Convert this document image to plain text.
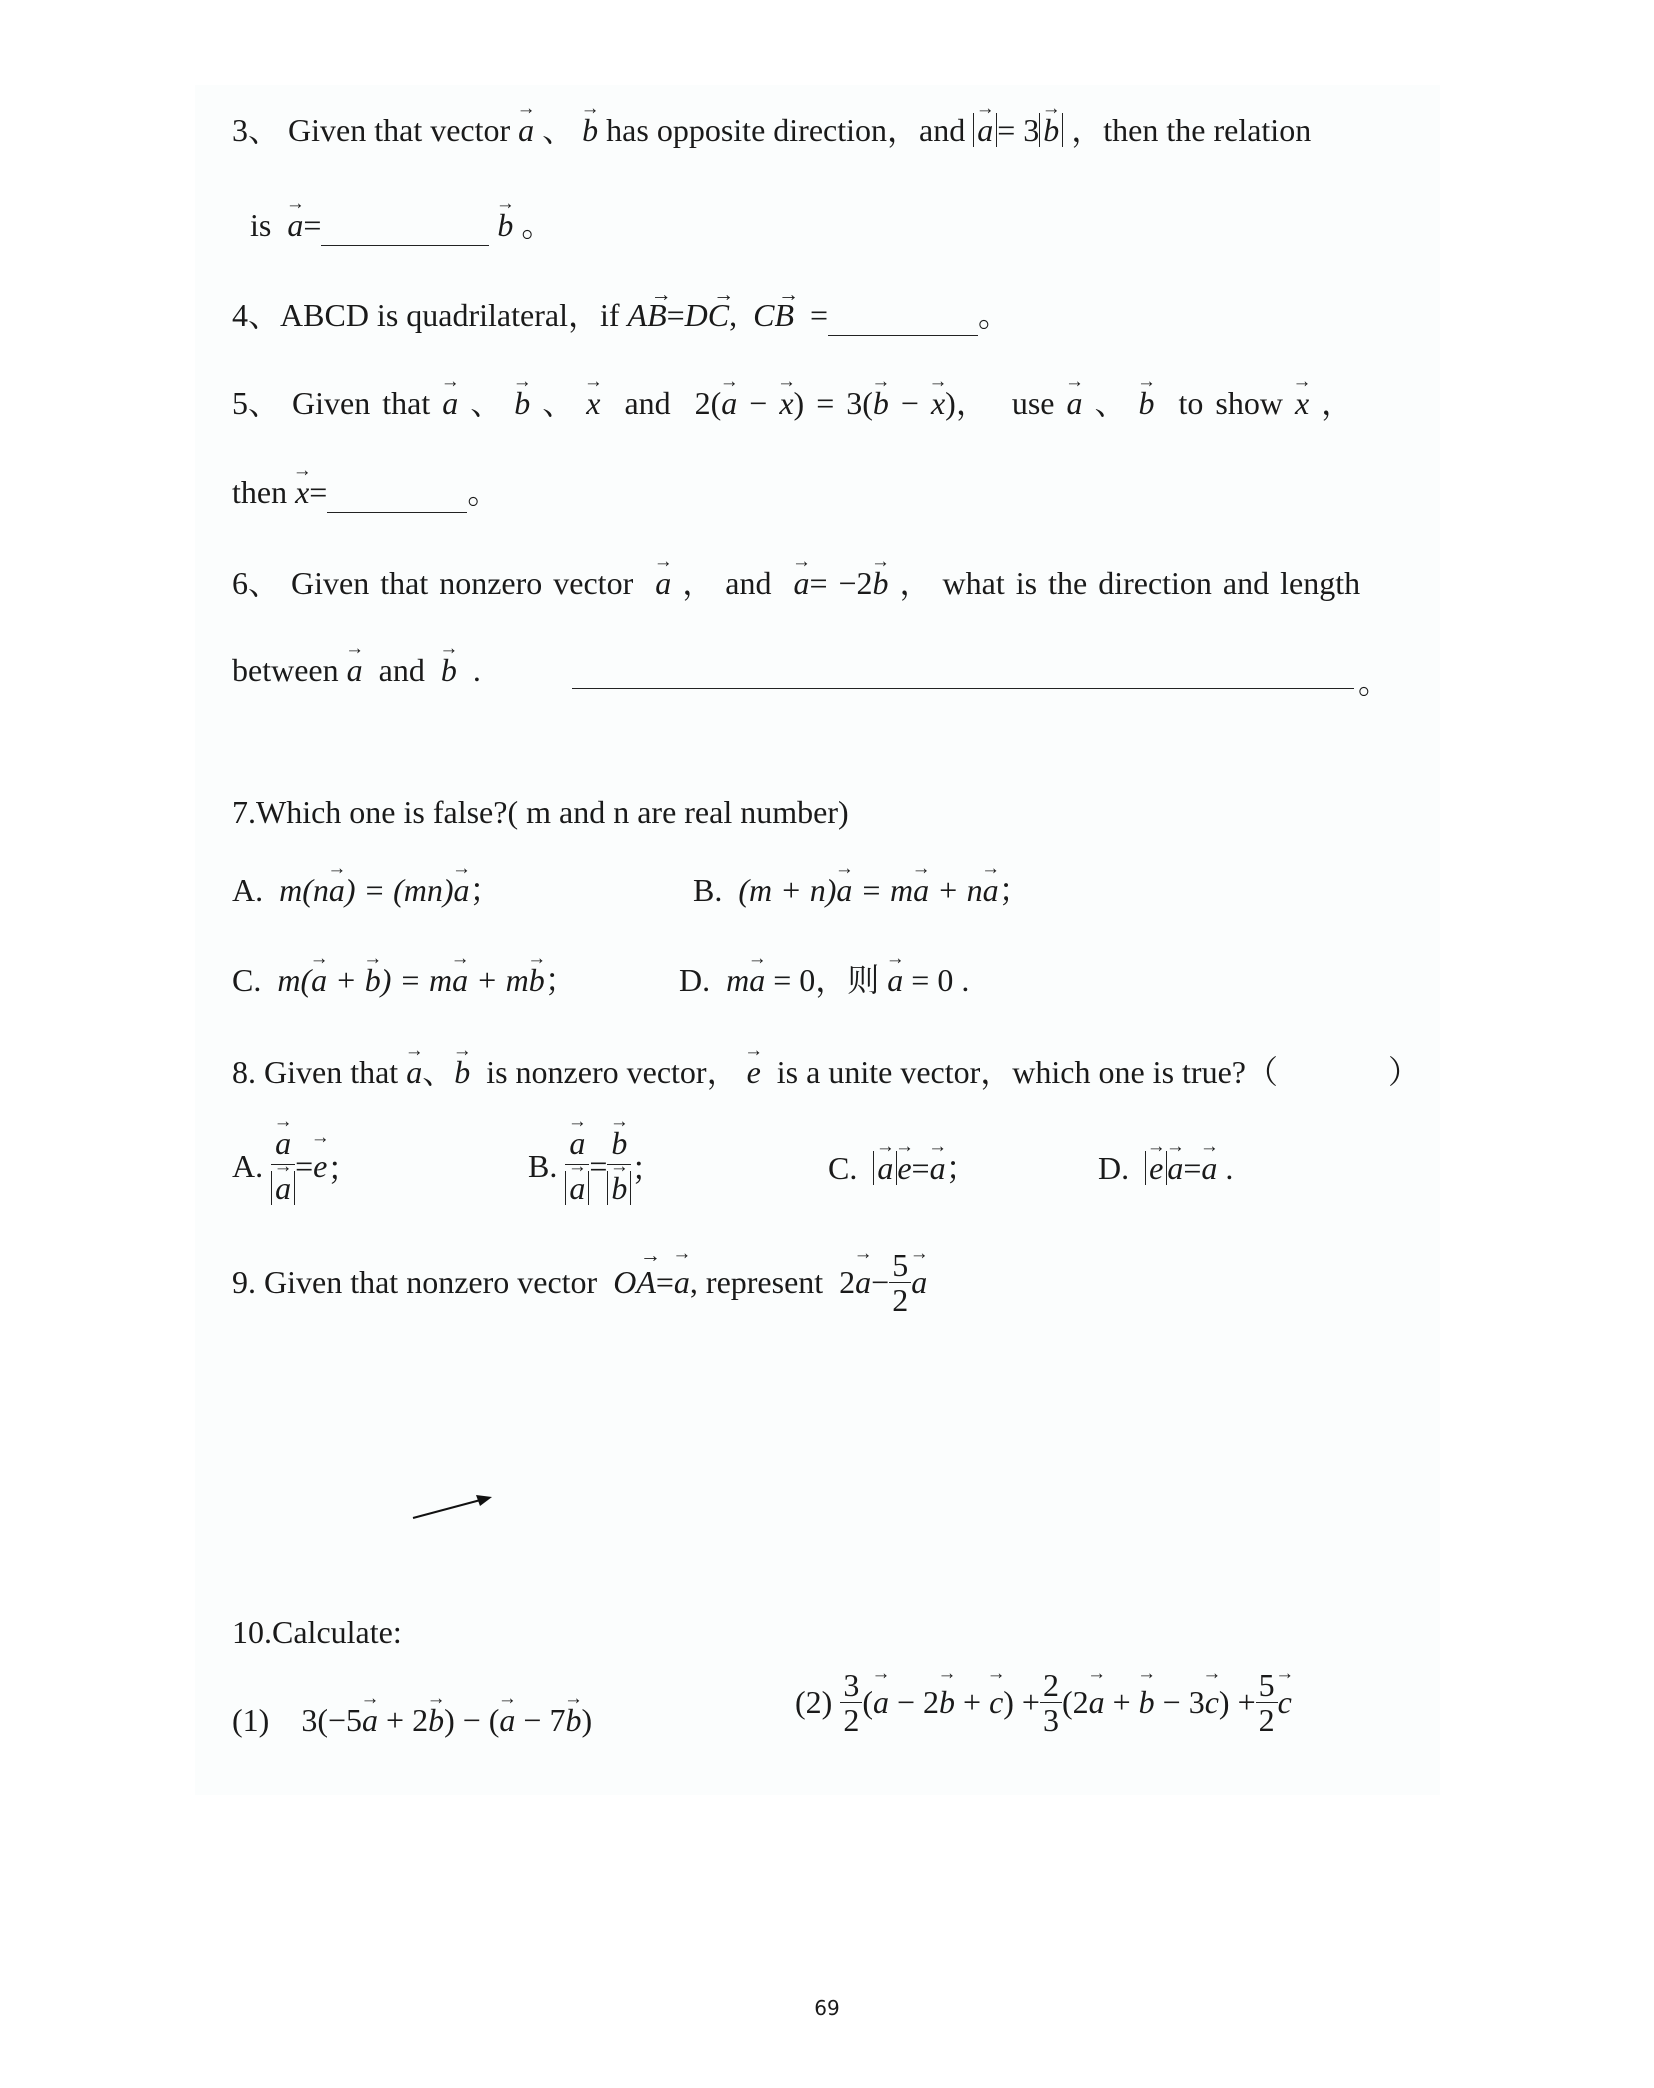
3、 Given that vector → a 、 → b has opposite direction，and → a = 3→ b ，then the relation
is  → a=  →	b 。
4、ABCD is quadrilateral，if → AB=→ DC,  → CB =	。
5、 Given that → a 、 → b 、 → x and 2(→ a − → x) = 3(→ b − → x)， use → a 、 → b to show → x ，
then → x=	。
6、 Given that nonzero vector  → a ， and  → a= −2→ b ， what is the direction and length
between → a and  → b .	。
7.Which one is false?( m and n are real number)
A. m(n→ a) = (mn)→ a；	B. (m + n)→ a = m→ a + n→ a；
C. m(→ a + → b) = m→ a + m→ b；	D. m→ a = 0，则 → a = 0 .
8. Given that → a、→ b is nonzero vector， → e is a unite vector，which one is true?（	）
A.
→ a
→ a =→ e；	B.
→ a
→ a =
→ b
→ b ；	C.  → a→ e=→ a；	D.  → e→ a=→ a .
9. Given that nonzero vector  → OA=→ a, represent $2\to a- \frac{5}{2}$
→ a
10.Calculate:
(1) 3(−5→ a + 2→ b) − (→ a − 7→ b)	$(2) \frac{3}{2}$ (→ a − 2→ b + → $c) + \frac{2}{3} (2\to a$ + → $b - 3\to c) + \frac{5}{2}$
→ c
69
